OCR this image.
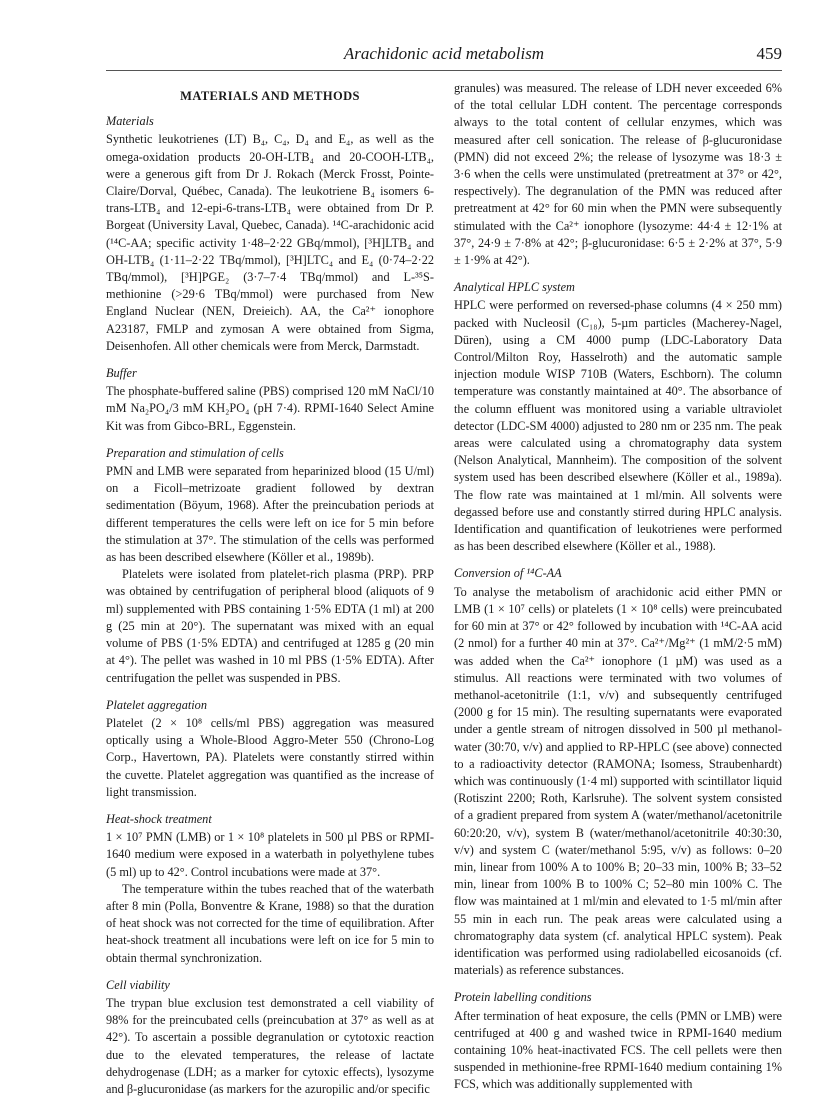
Arachidonic acid metabolism	459
MATERIALS AND METHODS
Materials

Synthetic leukotrienes (LT) B₄, C₄, D₄ and E₄, as well as the omega-oxidation products 20-OH-LTB₄ and 20-COOH-LTB₄, were a generous gift from Dr J. Rokach (Merck Frosst, Pointe-Claire/Dorval, Québec, Canada). The leukotriene B₄ isomers 6-trans-LTB₄ and 12-epi-6-trans-LTB₄ were obtained from Dr P. Borgeat (University Laval, Quebec, Canada). ¹⁴C-arachidonic acid (¹⁴C-AA; specific activity 1·48–2·22 GBq/mmol), [³H]LTB₄ and OH-LTB₄ (1·11–2·22 TBq/mmol), [³H]LTC₄ and E₄ (0·74–2·22 TBq/mmol), [³H]PGE₂ (3·7–7·4 TBq/mmol) and L-³⁵S-methionine (>29·6 TBq/mmol) were purchased from New England Nuclear (NEN, Dreieich). AA, the Ca²⁺ ionophore A23187, FMLP and zymosan A were obtained from Sigma, Deisenhofen. All other chemicals were from Merck, Darmstadt.

Buffer

The phosphate-buffered saline (PBS) comprised 120 mM NaCl/10 mM Na₂PO₄/3 mM KH₂PO₄ (pH 7·4). RPMI-1640 Select Amine Kit was from Gibco-BRL, Eggenstein.

Preparation and stimulation of cells

PMN and LMB were separated from heparinized blood (15 U/ml) on a Ficoll–metrizoate gradient followed by dextran sedimentation (Böyum, 1968). After the preincubation periods at different temperatures the cells were left on ice for 5 min before the stimulation at 37°. The stimulation of the cells was performed as has been described elsewhere (Köller et al., 1989b).

Platelets were isolated from platelet-rich plasma (PRP). PRP was obtained by centrifugation of peripheral blood (aliquots of 9 ml) supplemented with PBS containing 1·5% EDTA (1 ml) at 200 g (25 min at 20°). The supernatant was mixed with an equal volume of PBS (1·5% EDTA) and centrifuged at 1285 g (20 min at 4°). The pellet was washed in 10 ml PBS (1·5% EDTA). After centrifugation the pellet was suspended in PBS.

Platelet aggregation

Platelet (2 × 10⁸ cells/ml PBS) aggregation was measured optically using a Whole-Blood Aggro-Meter 550 (Chrono-Log Corp., Havertown, PA). Platelets were constantly stirred within the cuvette. Platelet aggregation was quantified as the increase of light transmission.

Heat-shock treatment

1 × 10⁷ PMN (LMB) or 1 × 10⁸ platelets in 500 µl PBS or RPMI-1640 medium were exposed in a waterbath in polyethylene tubes (5 ml) up to 42°. Control incubations were made at 37°.

The temperature within the tubes reached that of the waterbath after 8 min (Polla, Bonventre & Krane, 1988) so that the duration of heat shock was not corrected for the time of equilibration. After heat-shock treatment all incubations were left on ice for 5 min to obtain thermal synchronization.

Cell viability

The trypan blue exclusion test demonstrated a cell viability of 98% for the preincubated cells (preincubation at 37° as well as at 42°). To ascertain a possible degranulation or cytotoxic reaction due to the elevated temperatures, the release of lactate dehydrogenase (LDH; as a marker for cytoxic effects), lysozyme and β-glucuronidase (as markers for the azuropilic and/or specific

granules) was measured. The release of LDH never exceeded 6% of the total cellular LDH content. The percentage corresponds always to the total content of cellular enzymes, which was measured after cell sonication. The release of β-glucuronidase (PMN) did not exceed 2%; the release of lysozyme was 18·3 ± 3·6 when the cells were unstimulated (pretreatment at 37° or 42°, respectively). The degranulation of the PMN was reduced after pretreatment at 42° for 60 min when the PMN were subsequently stimulated with the Ca²⁺ ionophore (lysozyme: 44·4 ± 12·1% at 37°, 24·9 ± 7·8% at 42°; β-glucuronidase: 6·5 ± 2·2% at 37°, 5·9 ± 1·9% at 42°).

Analytical HPLC system

HPLC were performed on reversed-phase columns (4 × 250 mm) packed with Nucleosil (C₁₈), 5-µm particles (Macherey-Nagel, Düren), using a CM 4000 pump (LDC-Laboratory Data Control/Milton Roy, Hasselroth) and the automatic sample injection module WISP 710B (Waters, Eschborn). The column temperature was constantly maintained at 40°. The absorbance of the column effluent was monitored using a variable ultraviolet detector (LDC-SM 4000) adjusted to 280 nm or 235 nm. The peak areas were calculated using a chromatography data system (Nelson Analytical, Mannheim). The composition of the solvent system used has been described elsewhere (Köller et al., 1989a). The flow rate was maintained at 1 ml/min. All solvents were degassed before use and constantly stirred during HPLC analysis. Identification and quantification of leukotrienes were performed as has been described elsewhere (Köller et al., 1988).

Conversion of ¹⁴C-AA

To analyse the metabolism of arachidonic acid either PMN or LMB (1 × 10⁷ cells) or platelets (1 × 10⁸ cells) were preincubated for 60 min at 37° or 42° followed by incubation with ¹⁴C-AA acid (2 nmol) for a further 40 min at 37°. Ca²⁺/Mg²⁺ (1 mM/2·5 mM) was added when the Ca²⁺ ionophore (1 µM) was used as a stimulus. All reactions were terminated with two volumes of methanol-acetonitrile (1:1, v/v) and subsequently centrifuged (2000 g for 15 min). The resulting supernatants were evaporated under a gentle stream of nitrogen dissolved in 500 µl methanol-water (30:70, v/v) and applied to RP-HPLC (see above) connected to a radioactivity detector (RAMONA; Isomess, Straubenhardt) which was continuously (1·4 ml) supported with scintillator liquid (Rotiszint 2200; Roth, Karlsruhe). The solvent system consisted of a gradient prepared from system A (water/methanol/acetonitrile 60:20:20, v/v), system B (water/methanol/acetonitrile 40:30:30, v/v) and system C (water/methanol 5:95, v/v) as follows: 0–20 min, linear from 100% A to 100% B; 20–33 min, 100% B; 33–52 min, linear from 100% B to 100% C; 52–80 min 100% C. The flow was maintained at 1 ml/min and elevated to 1·5 ml/min after 55 min in each run. The peak areas were calculated using a chromatography data system (cf. analytical HPLC system). Peak identification was performed using radiolabelled eicosanoids (cf. materials) as reference substances.

Protein labelling conditions

After termination of heat exposure, the cells (PMN or LMB) were centrifuged at 400 g and washed twice in RPMI-1640 medium containing 10% heat-inactivated FCS. The cell pellets were then suspended in methionine-free RPMI-1640 medium containing 1% FCS, which was additionally supplemented with
